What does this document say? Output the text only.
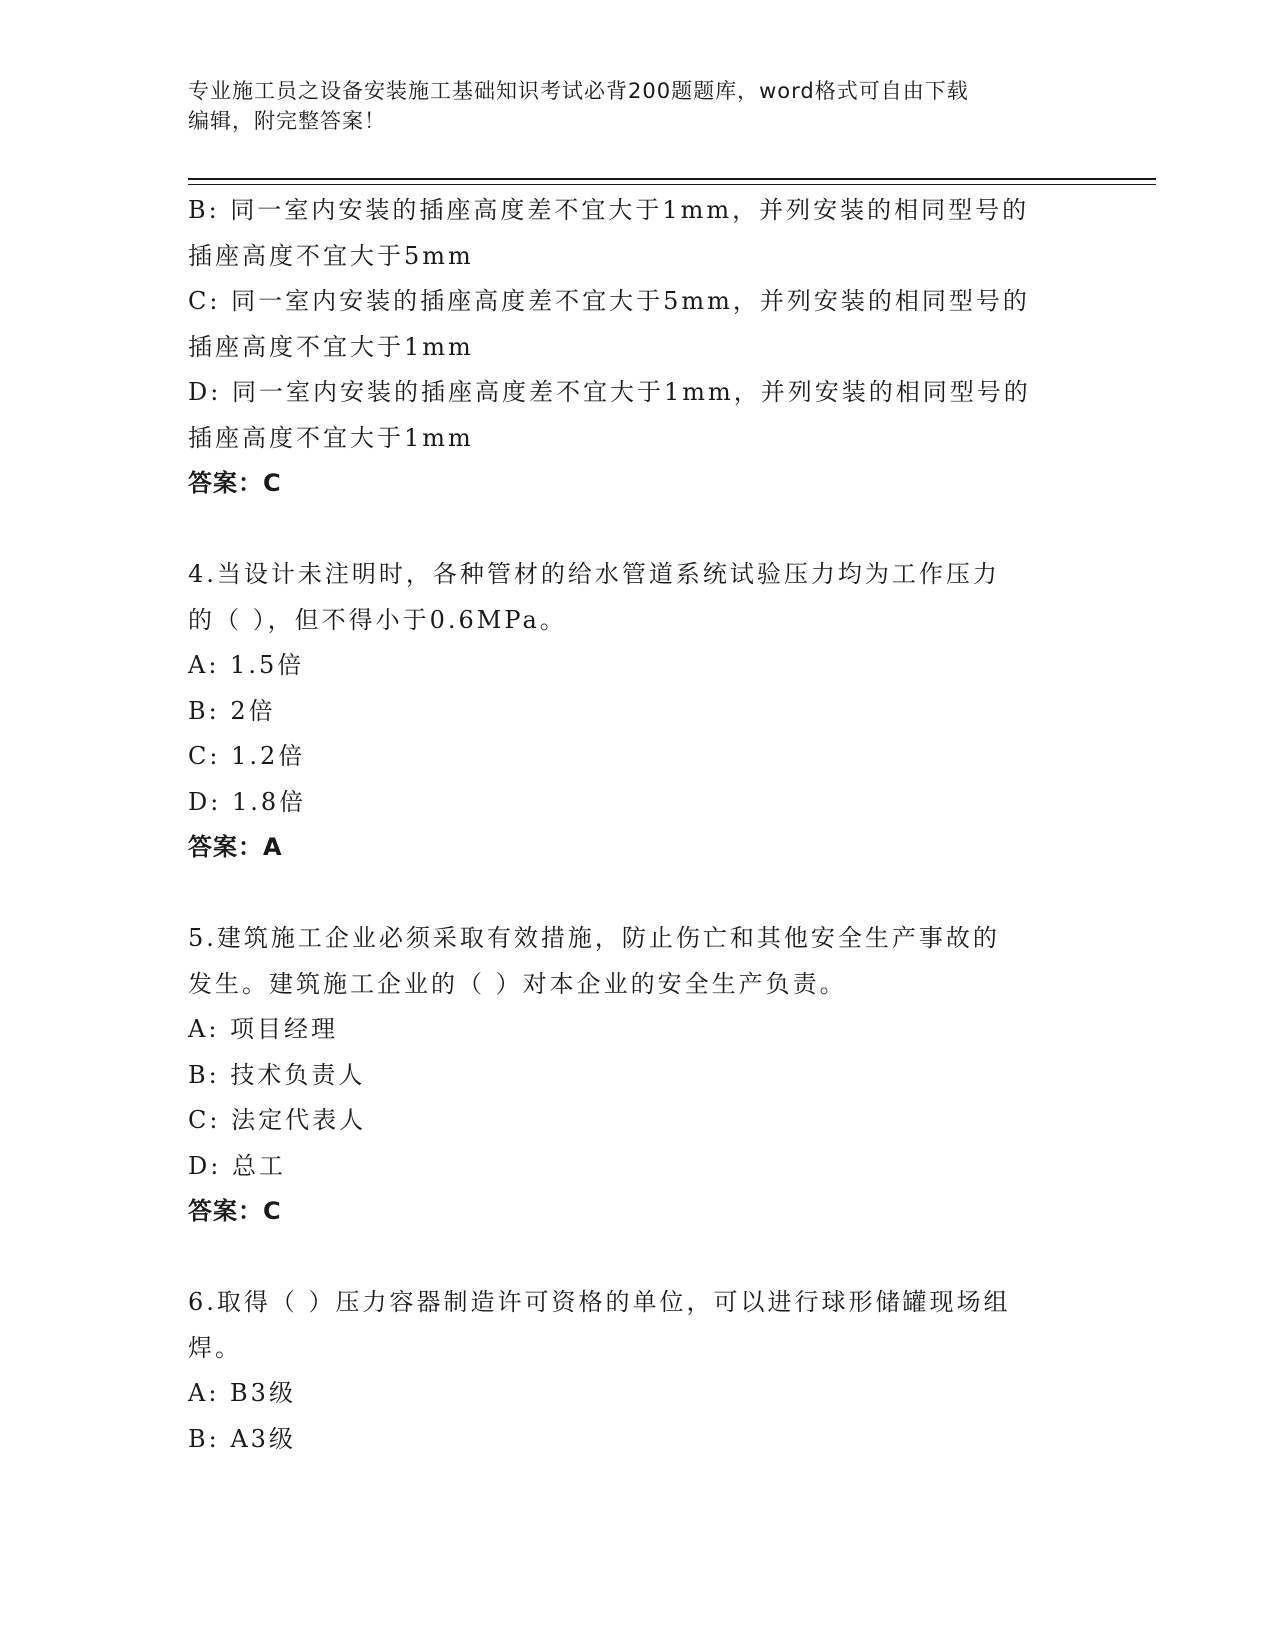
专业施工员之设备安装施工基础知识考试必背200题题库，word格式可自由下载
编辑，附完整答案！
B: 同一室内安装的插座高度差不宜大于1mm，并列安装的相同型号的
插座高度不宜大于5mm
C: 同一室内安装的插座高度差不宜大于5mm，并列安装的相同型号的
插座高度不宜大于1mm
D: 同一室内安装的插座高度差不宜大于1mm，并列安装的相同型号的
插座高度不宜大于1mm
答案：C
4.当设计未注明时，各种管材的给水管道系统试验压力均为工作压力
的（ ），但不得小于0.6MPa。
A: 1.5倍
B: 2倍
C: 1.2倍
D: 1.8倍
答案：A
5.建筑施工企业必须采取有效措施，防止伤亡和其他安全生产事故的
发生。建筑施工企业的（ ）对本企业的安全生产负责。
A: 项目经理
B: 技术负责人
C: 法定代表人
D: 总工
答案：C
6.取得（ ）压力容器制造许可资格的单位，可以进行球形储罐现场组
焊。
A: B3级
B: A3级
